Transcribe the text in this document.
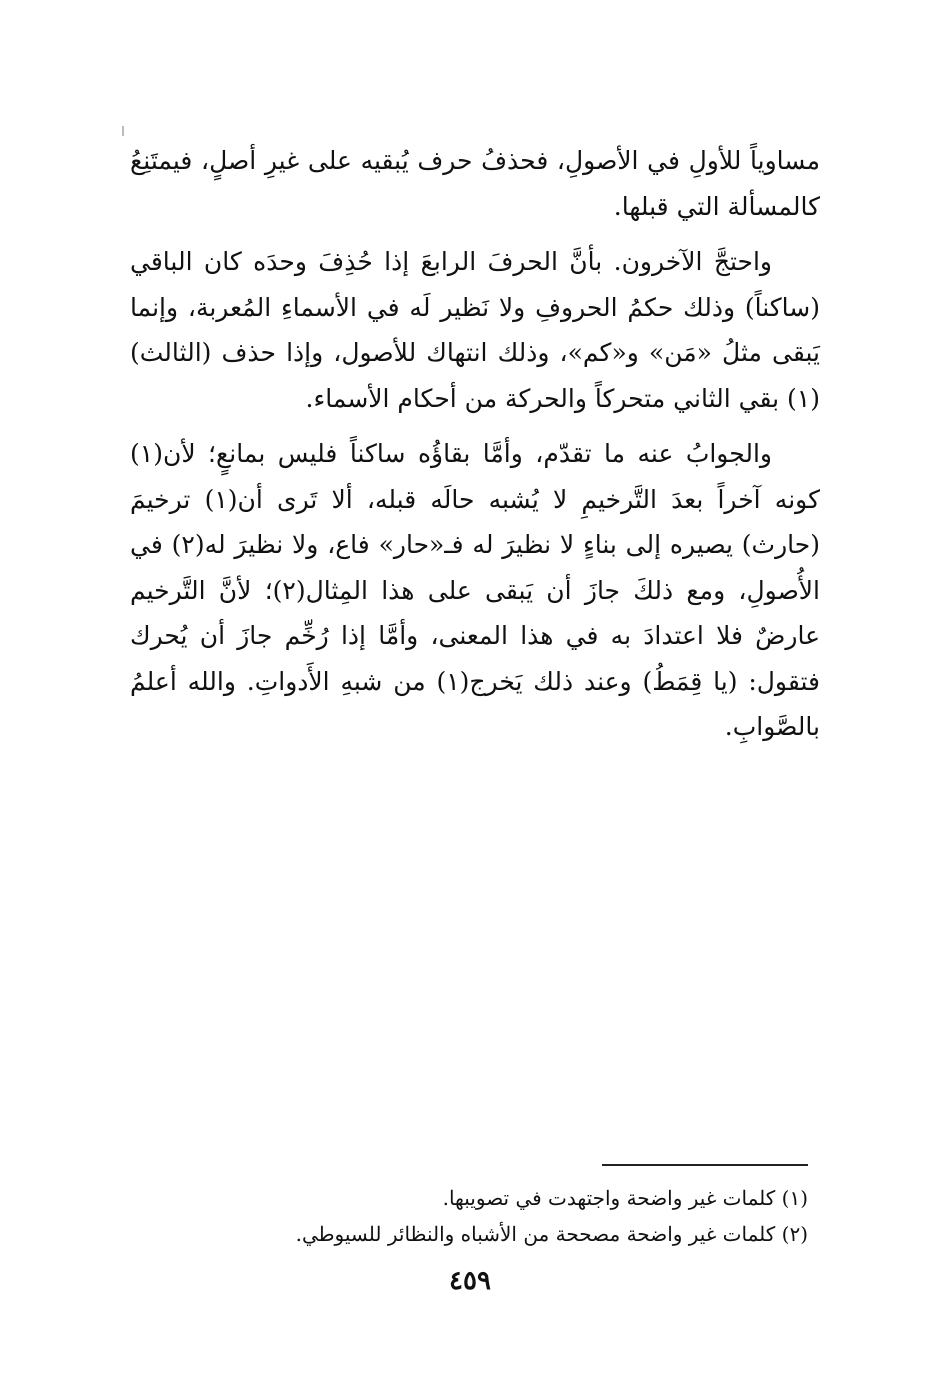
مساوياً للأولِ في الأصولِ، فحذفُ حرف يُبقيه على غيرِ أصلٍ، فيمتَنِعُ كالمسألة التي قبلها.

واحتجَّ الآخرون. بأنَّ الحرفَ الرابعَ إذا حُذِفَ وحدَه كان الباقي (ساكناً) وذلك حكمُ الحروفِ ولا نَظير لَه في الأسماءِ المُعربة، وإنما يَبقى مثلُ «مَن» و«كم»، وذلك انتهاك للأصول، وإذا حذف (الثالث)(١) بقي الثاني متحركاً والحركة من أحكام الأسماء.

والجوابُ عنه ما تقدّم، وأمَّا بقاؤُه ساكناً فليس بمانعٍ؛ لأن(١) كونه آخراً بعدَ التَّرخيمِ لا يُشبه حالَه قبله، ألا تَرى أن(١) ترخيمَ (حارث) يصيره إلى بناءٍ لا نظيرَ له فـ«حار» فاع، ولا نظيرَ له(٢) في الأُصولِ، ومع ذلكَ جازَ أن يَبقى على هذا المِثال(٢)؛ لأنَّ التَّرخيم عارضٌ فلا اعتدادَ به في هذا المعنى، وأمَّا إذا رُخِّم جازَ أن يُحرك فتقول: (يا قِمَطُ) وعند ذلك يَخرج(١) من شبهِ الأَدواتِ. والله أعلمُ بالصَّوابِ.

(١) كلمات غير واضحة واجتهدت في تصويبها.

(٢) كلمات غير واضحة مصححة من الأشباه والنظائر للسيوطي.

٤٥٩
